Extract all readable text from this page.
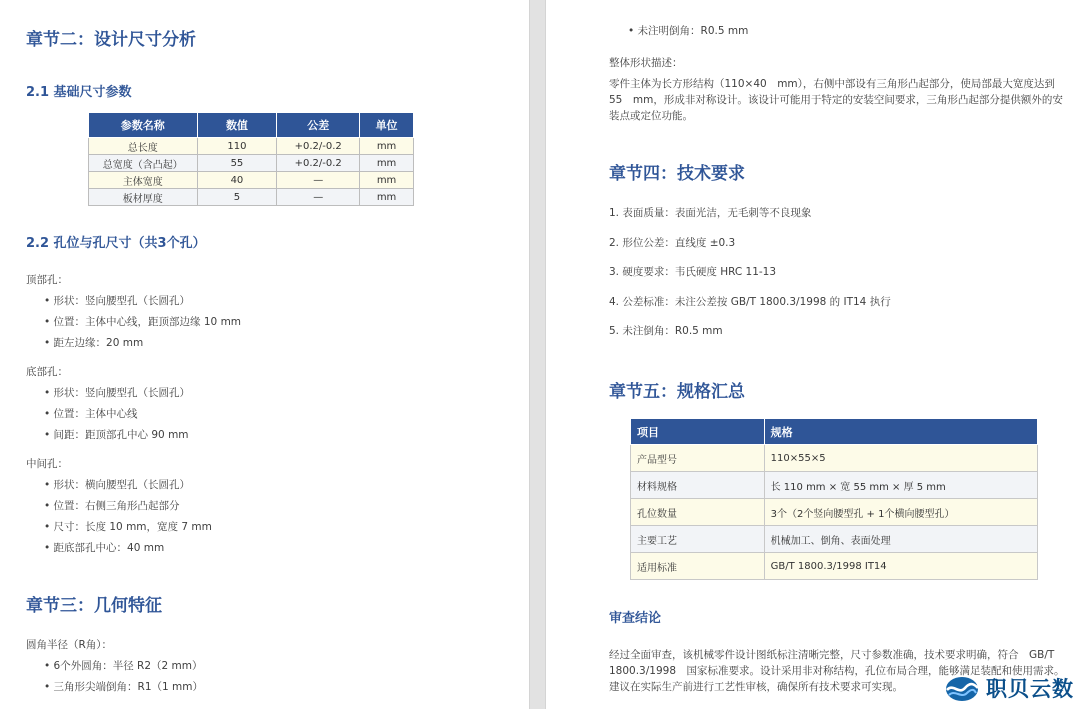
章节二：设计尺寸分析
2.1 基础尺寸参数
参数名称	数值	公差	单位
总长度	110	+0.2/-0.2	mm
总宽度（含凸起）	55	+0.2/-0.2	mm
主体宽度	40	—	mm
板材厚度	5	—	mm
2.2 孔位与孔尺寸（共3个孔）
顶部孔：
• 形状：竖向腰型孔（长圆孔）
• 位置：主体中心线，距顶部边缘 10 mm
• 距左边缘：20 mm
底部孔：
• 形状：竖向腰型孔（长圆孔）
• 位置：主体中心线
• 间距：距顶部孔中心 90 mm
中间孔：
• 形状：横向腰型孔（长圆孔）
• 位置：右侧三角形凸起部分
• 尺寸：长度 10 mm，宽度 7 mm
• 距底部孔中心：40 mm
章节三：几何特征
圆角半径（R角）：
• 6个外圆角：半径 R2（2 mm）
• 三角形尖端倒角：R1（1 mm）
• 未注明倒角：R0.5 mm
整体形状描述：
零件主体为长方形结构（110×40　mm），右侧中部设有三角形凸起部分，使局部最大宽度达到
55　mm，形成非对称设计。该设计可能用于特定的安装空间要求，三角形凸起部分提供额外的安
装点或定位功能。
章节四：技术要求
1. 表面质量：表面光洁，无毛刺等不良现象
2. 形位公差：直线度 ±0.3
3. 硬度要求：韦氏硬度 HRC 11-13
4. 公差标准：未注公差按 GB/T 1800.3/1998 的 IT14 执行
5. 未注倒角：R0.5 mm
章节五：规格汇总
项目	规格
产品型号	110×55×5
材料规格	长 110 mm × 宽 55 mm × 厚 5 mm
孔位数量	3个（2个竖向腰型孔 + 1个横向腰型孔）
主要工艺	机械加工、倒角、表面处理
适用标准	GB/T 1800.3/1998 IT14
审查结论
经过全面审查，该机械零件设计图纸标注清晰完整，尺寸参数准确，技术要求明确，符合　GB/T
1800.3/1998　国家标准要求。设计采用非对称结构，孔位布局合理，能够满足装配和使用需求。
建议在实际生产前进行工艺性审核，确保所有技术要求可实现。	职贝云数
